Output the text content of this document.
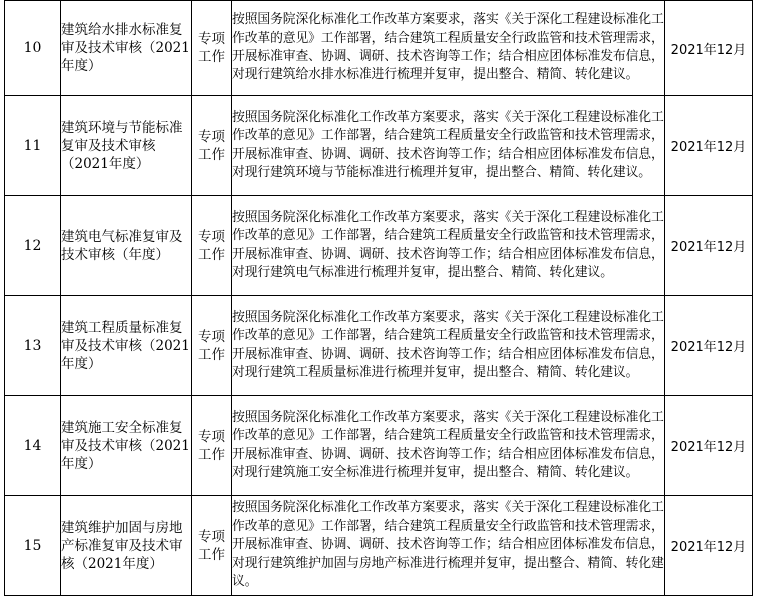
10	建筑给水排水标准复审及技术审核（2021年度）	专项工作	按照国务院深化标准化工作改革方案要求，落实《关于深化工程建设标准化工作改革的意见》工作部署，结合建筑工程质量安全行政监管和技术管理需求，开展标准审查、协调、调研、技术咨询等工作；结合相应团体标准发布信息，对现行建筑给水排水标准进行梳理并复审，提出整合、精简、转化建议。	2021年12月
11	建筑环境与节能标准复审及技术审核（2021年度）	专项工作	按照国务院深化标准化工作改革方案要求，落实《关于深化工程建设标准化工作改革的意见》工作部署，结合建筑工程质量安全行政监管和技术管理需求，开展标准审查、协调、调研、技术咨询等工作；结合相应团体标准发布信息，对现行建筑环境与节能标准进行梳理并复审，提出整合、精简、转化建议。	2021年12月
12	建筑电气标准复审及技术审核（年度）	专项工作	按照国务院深化标准化工作改革方案要求，落实《关于深化工程建设标准化工作改革的意见》工作部署，结合建筑工程质量安全行政监管和技术管理需求，开展标准审查、协调、调研、技术咨询等工作；结合相应团体标准发布信息，对现行建筑电气标准进行梳理并复审，提出整合、精简、转化建议。	2021年12月
13	建筑工程质量标准复审及技术审核（2021年度）	专项工作	按照国务院深化标准化工作改革方案要求，落实《关于深化工程建设标准化工作改革的意见》工作部署，结合建筑工程质量安全行政监管和技术管理需求，开展标准审查、协调、调研、技术咨询等工作；结合相应团体标准发布信息，对现行建筑工程质量标准进行梳理并复审，提出整合、精简、转化建议。	2021年12月
14	建筑施工安全标准复审及技术审核（2021年度）	专项工作	按照国务院深化标准化工作改革方案要求，落实《关于深化工程建设标准化工作改革的意见》工作部署，结合建筑工程质量安全行政监管和技术管理需求，开展标准审查、协调、调研、技术咨询等工作；结合相应团体标准发布信息，对现行建筑施工安全标准进行梳理并复审，提出整合、精简、转化建议。	2021年12月
15	建筑维护加固与房地产标准复审及技术审核（2021年度）	专项工作	按照国务院深化标准化工作改革方案要求，落实《关于深化工程建设标准化工作改革的意见》工作部署，结合建筑工程质量安全行政监管和技术管理需求，开展标准审查、协调、调研、技术咨询等工作；结合相应团体标准发布信息，对现行建筑维护加固与房地产标准进行梳理并复审，提出整合、精简、转化建议。	2021年12月
